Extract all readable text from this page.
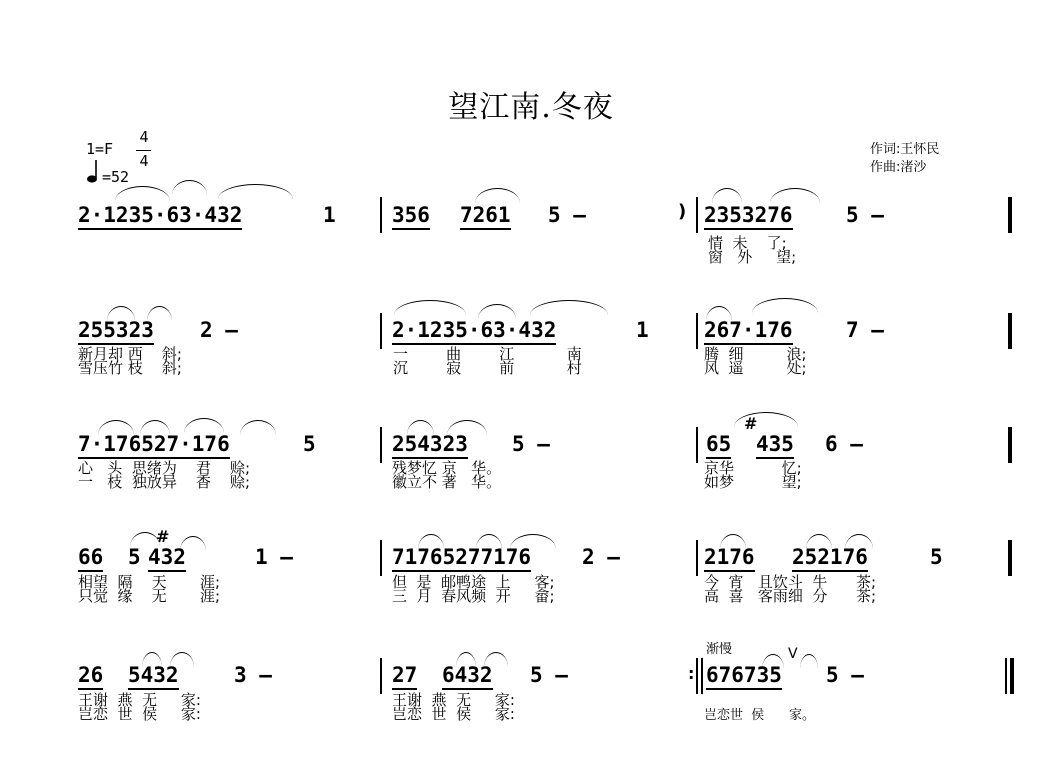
望江南.冬夜
1=F
4
4
=52
作词:王怀民
作曲:渚沙
2·1235·63·432	1	356 7261 5 —	) 2353276	5 —
情  未    了;
窗   外     望;
255323 2 —
新月却 西    斜;
雪压竹 枝    斜;
2·1235·63·432	1
一        曲        江           南
沉        寂        前           村
267·176	7 —
腾  细         浪;
风  遥         处;
7·176527·176	5
心   头  思绪为    君    赊;
一   枝  独放异    香    赊;
254323 5 —
残梦忆 京   华。
徽立不 著   华。
65
#
435 6 —
京华          忆;
如梦          望;
66 5
#
432	1 —
相望  隔    天       涯;
只觉  缘    无       涯;
71765277176 2 —
但  是  邮鸭途  上     客;
三  月  春风频  开     畲;
2176 252176	5
今  宵   且饮斗  牛      茶;
高  喜   客雨细  分      茶;
26 5432	3 —
王谢  燕  无     家:
岂恋  世  侯     家:
27 6432 5 —
王谢  燕  无     家:
岂恋  世  侯     家:
渐慢	V
: 676735 5 —
岂恋世  侯      家。
